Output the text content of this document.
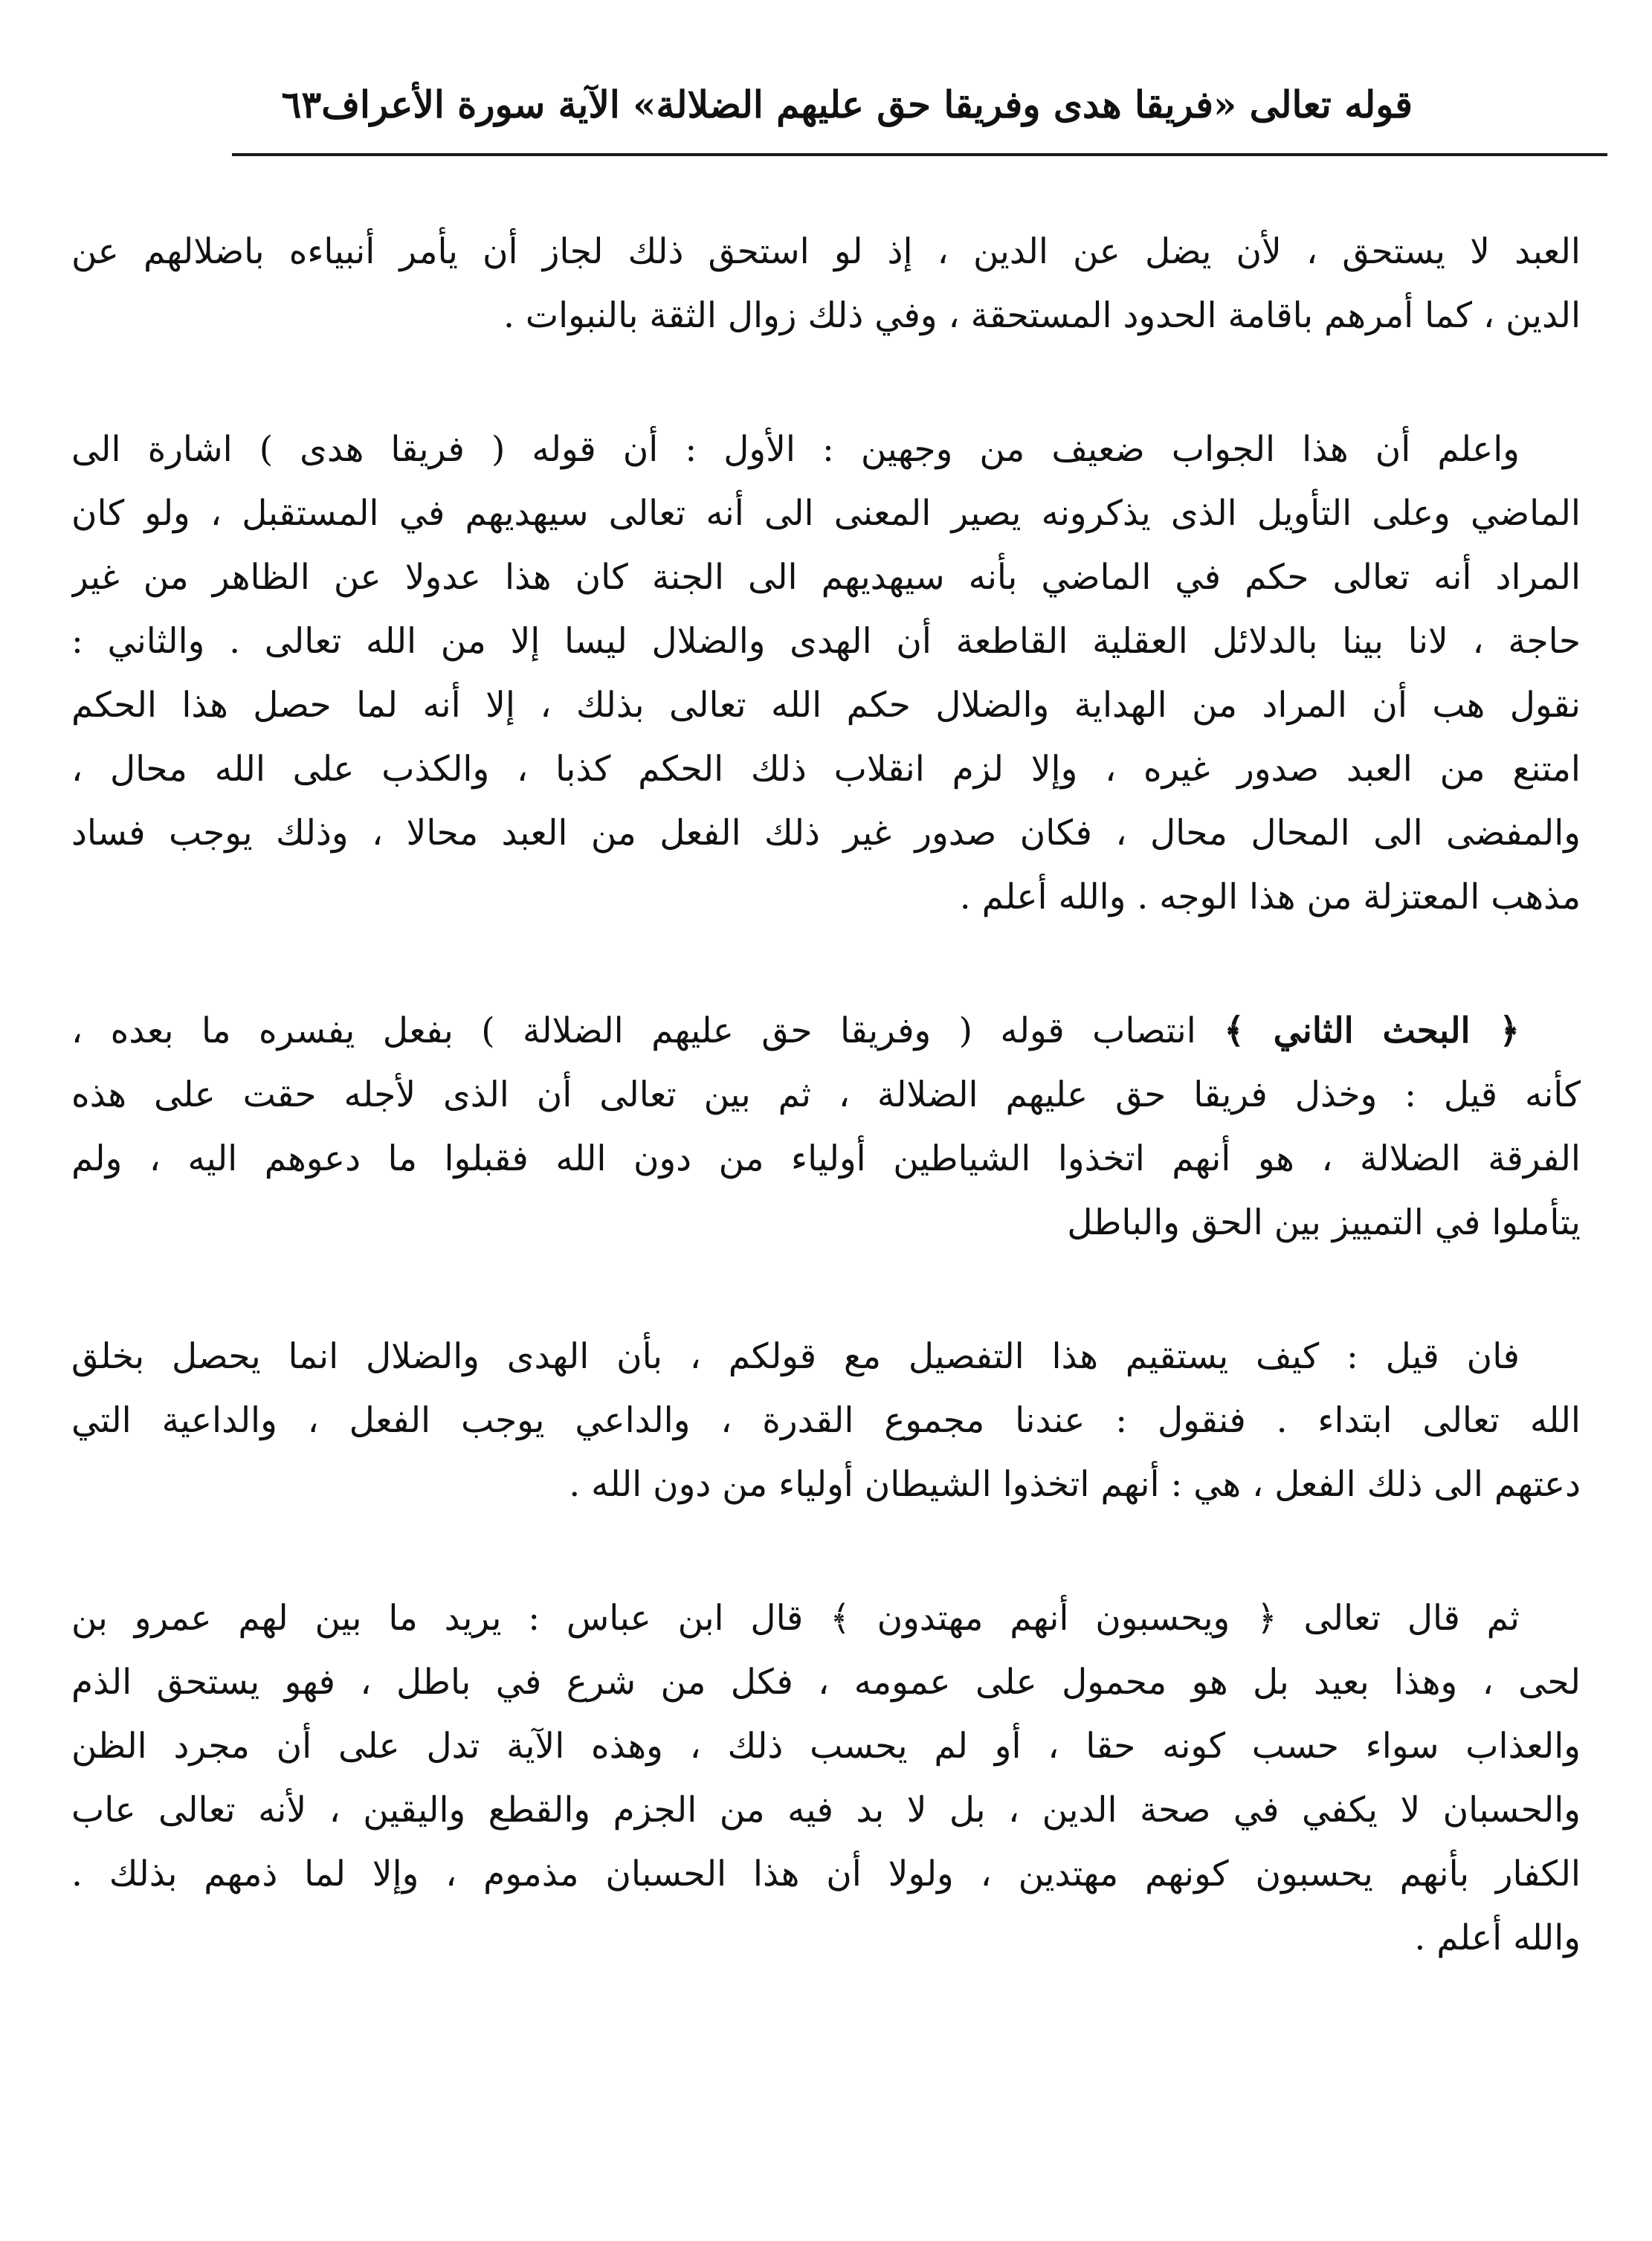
قوله تعالى «فريقا هدى وفريقا حق عليهم الضلالة» الآية سورة الأعراف
٦٣
العبد لا يستحق ، لأن يضل عن الدين ، إذ لو استحق ذلك لجاز أن يأمر أنبياءه باضلالهم عن
الدين ، كما أمرهم باقامة الحدود المستحقة ، وفي ذلك زوال الثقة بالنبوات .
واعلم أن هذا الجواب ضعيف من وجهين : الأول : أن قوله ( فريقا هدى ) اشارة الى
الماضي وعلى التأويل الذى يذكرونه يصير المعنى الى أنه تعالى سيهديهم في المستقبل ، ولو كان
المراد أنه تعالى حكم في الماضي بأنه سيهديهم الى الجنة كان هذا عدولا عن الظاهر من غير
حاجة ، لانا بينا بالدلائل العقلية القاطعة أن الهدى والضلال ليسا إلا من الله تعالى . والثاني :
نقول هب أن المراد من الهداية والضلال حكم الله تعالى بذلك ، إلا أنه لما حصل هذا الحكم
امتنع من العبد صدور غيره ، وإلا لزم انقلاب ذلك الحكم كذبا ، والكذب على الله محال ،
والمفضى الى المحال محال ، فكان صدور غير ذلك الفعل من العبد محالا ، وذلك يوجب فساد
مذهب المعتزلة من هذا الوجه . والله أعلم .
﴿ البحث الثاني ﴾ انتصاب قوله ( وفريقا حق عليهم الضلالة ) بفعل يفسره ما بعده ،
كأنه قيل : وخذل فريقا حق عليهم الضلالة ، ثم بين تعالى أن الذى لأجله حقت على هذه
الفرقة الضلالة ، هو أنهم اتخذوا الشياطين أولياء من دون الله فقبلوا ما دعوهم اليه ، ولم
يتأملوا في التمييز بين الحق والباطل
فان قيل : كيف يستقيم هذا التفصيل مع قولكم ، بأن الهدى والضلال انما يحصل بخلق
الله تعالى ابتداء . فنقول : عندنا مجموع القدرة ، والداعي يوجب الفعل ، والداعية التي
دعتهم الى ذلك الفعل ، هي : أنهم اتخذوا الشيطان أولياء من دون الله .
ثم قال تعالى ﴿ ويحسبون أنهم مهتدون ﴾ قال ابن عباس : يريد ما بين لهم عمرو بن
لحى ، وهذا بعيد بل هو محمول على عمومه ، فكل من شرع في باطل ، فهو يستحق الذم
والعذاب سواء حسب كونه حقا ، أو لم يحسب ذلك ، وهذه الآية تدل على أن مجرد الظن
والحسبان لا يكفي في صحة الدين ، بل لا بد فيه من الجزم والقطع واليقين ، لأنه تعالى عاب
الكفار بأنهم يحسبون كونهم مهتدين ، ولولا أن هذا الحسبان مذموم ، وإلا لما ذمهم بذلك .
والله أعلم .
